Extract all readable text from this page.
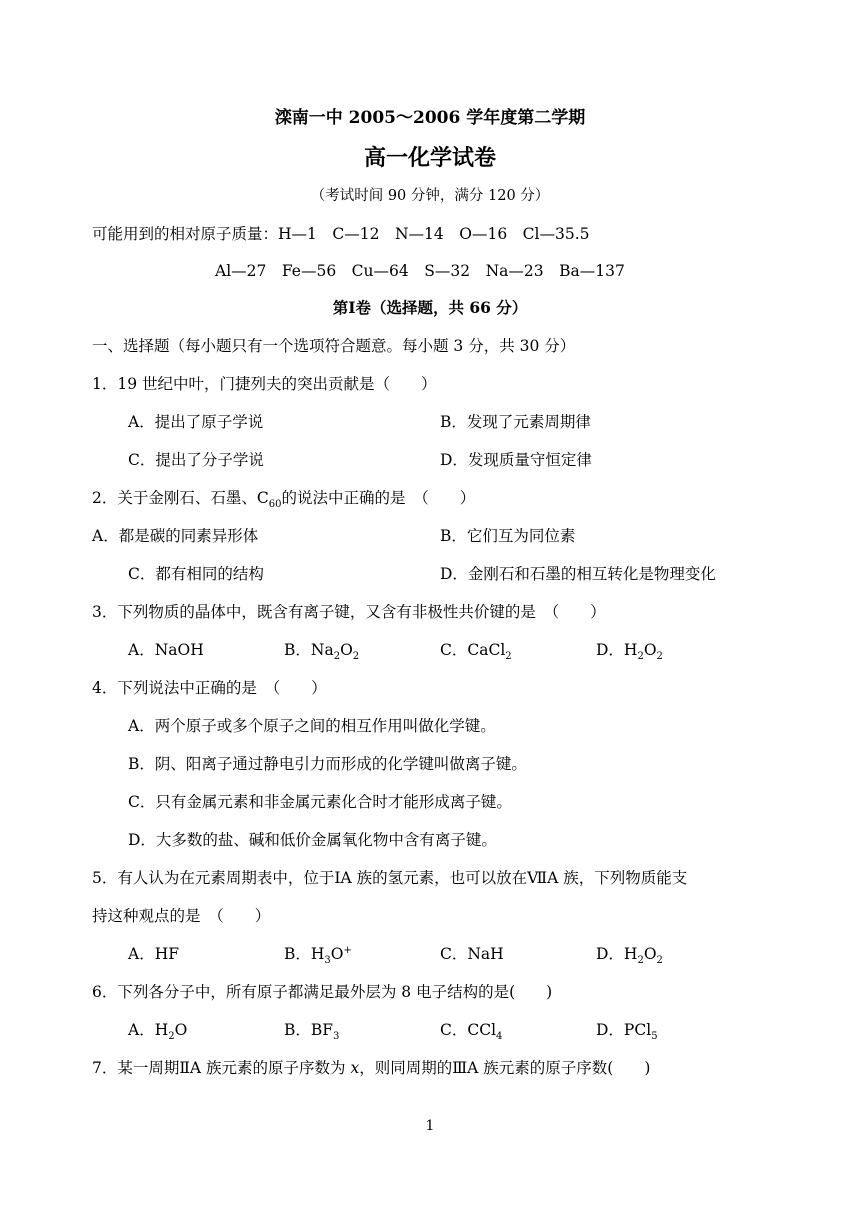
滦南一中 2005～2006 学年度第二学期
高一化学试卷
（考试时间 90 分钟，满分 120 分）
可能用到的相对原子质量：H—1　C—12　N—14　O—16　Cl—35.5
Al—27　Fe—56　Cu—64　S—32　Na—23　Ba—137
第Ⅰ卷（选择题，共 66 分）
一、选择题（每小题只有一个选项符合题意。每小题 3 分，共 30 分）
1．19 世纪中叶，门捷列夫的突出贡献是（　　）
A．提出了原子学说	B．发现了元素周期律
C．提出了分子学说	D．发现质量守恒定律
2．关于金刚石、石墨、$C_{60}$的说法中正确的是　（　　）
A．都是碳的同素异形体	B．它们互为同位素
C．都有相同的结构	D．金刚石和石墨的相互转化是物理变化
3．下列物质的晶体中，既含有离子键，又含有非极性共价键的是　（　　）
A．NaOH	B．$Na_2O_2$	C．CaCl$_2$	D．$H_2O_2$
4．下列说法中正确的是　（　　）
A．两个原子或多个原子之间的相互作用叫做化学键。
B．阴、阳离子通过静电引力而形成的化学键叫做离子键。
C．只有金属元素和非金属元素化合时才能形成离子键。
D．大多数的盐、碱和低价金属氧化物中含有离子键。
5．有人认为在元素周期表中，位于ⅠA 族的氢元素，也可以放在ⅦA 族，下列物质能支
持这种观点的是　（　　）
A．HF	B．$H_3O^+$	C．NaH	D．$H_2O_2$
6．下列各分子中，所有原子都满足最外层为 8 电子结构的是(　　)
A．$H_2O$	B．$BF_3$	C．CCl$_4$	D．PCl$_5$
7．某一周期ⅡA 族元素的原子序数为 x，则同周期的ⅢA 族元素的原子序数(　　)
1
